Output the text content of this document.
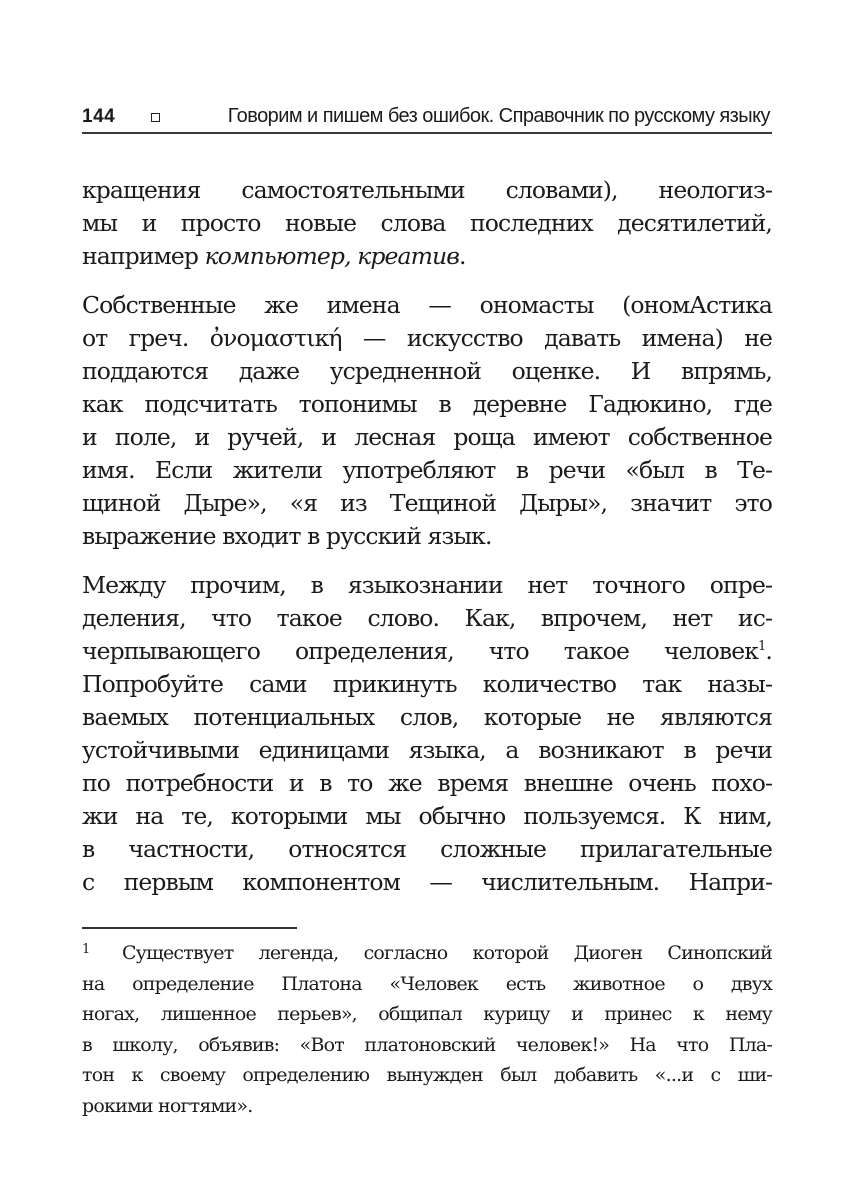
144	Говорим и пишем без ошибок. Справочник по русскому языку

кращения самостоятельными словами), неологиз-
мы и просто новые слова последних десятилетий,
например компьютер, креатив.

Собственные же имена — ономасты (ономАстика
от греч. ὀνομαστική — искусство давать имена) не
поддаются даже усредненной оценке. И впрямь,
как подсчитать топонимы в деревне Гадюкино, где
и поле, и ручей, и лесная роща имеют собственное
имя. Если жители употребляют в речи «был в Те-
щиной Дыре», «я из Тещиной Дыры», значит это
выражение входит в русский язык.

Между прочим, в языкознании нет точного опре-
деления, что такое слово. Как, впрочем, нет ис-
черпывающего определения, что такое человек$^1$.
Попробуйте сами прикинуть количество так назы-
ваемых потенциальных слов, которые не являются
устойчивыми единицами языка, а возникают в речи
по потребности и в то же время внешне очень похо-
жи на те, которыми мы обычно пользуемся. К ним,
в частности, относятся сложные прилагательные
с первым компонентом — числительным. Напри-

1 Существует легенда, согласно которой Диоген Синопский
на определение Платона «Человек есть животное о двух
ногах, лишенное перьев», общипал курицу и принес к нему
в школу, объявив: «Вот платоновский человек!» На что Пла-
тон к своему определению вынужден был добавить «...и с ши-
рокими ногтями».
